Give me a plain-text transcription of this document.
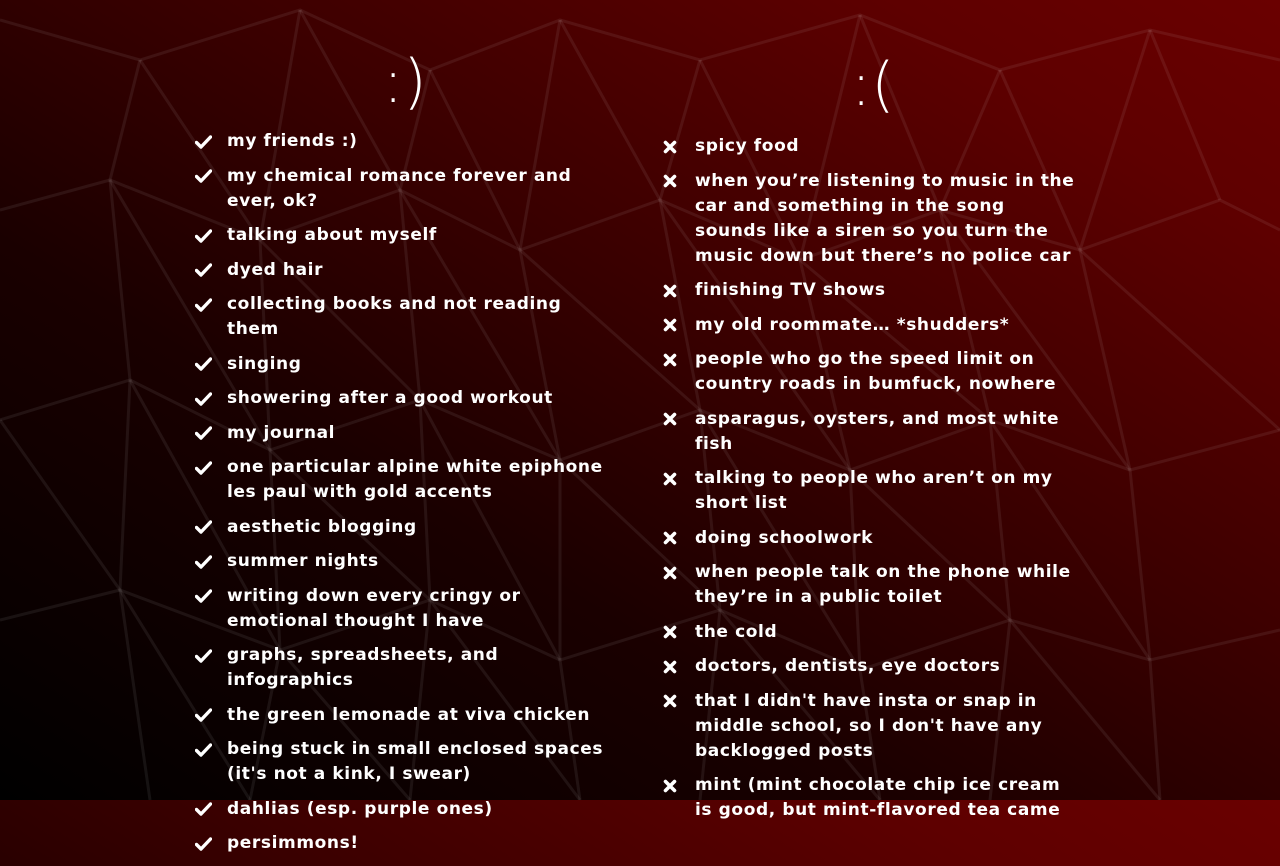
:)	:(
my friends :)
my chemical romance forever and ever, ok?
talking about myself
dyed hair
collecting books and not reading them
singing
showering after a good workout
my journal
one particular alpine white epiphone les paul with gold accents
aesthetic blogging
summer nights
writing down every cringy or emotional thought I have
graphs, spreadsheets, and infographics
the green lemonade at viva chicken
being stuck in small enclosed spaces (it's not a kink, I swear)
dahlias (esp. purple ones)
persimmons!
spicy food
when you’re listening to music in the car and something in the song sounds like a siren so you turn the music down but there’s no police car
finishing TV shows
my old roommate… *shudders*
people who go the speed limit on country roads in bumfuck, nowhere
asparagus, oysters, and most white fish
talking to people who aren’t on my short list
doing schoolwork
when people talk on the phone while they’re in a public toilet
the cold
doctors, dentists, eye doctors
that I didn't have insta or snap in middle school, so I don't have any backlogged posts
mint (mint chocolate chip ice cream is good, but mint-flavored tea came
